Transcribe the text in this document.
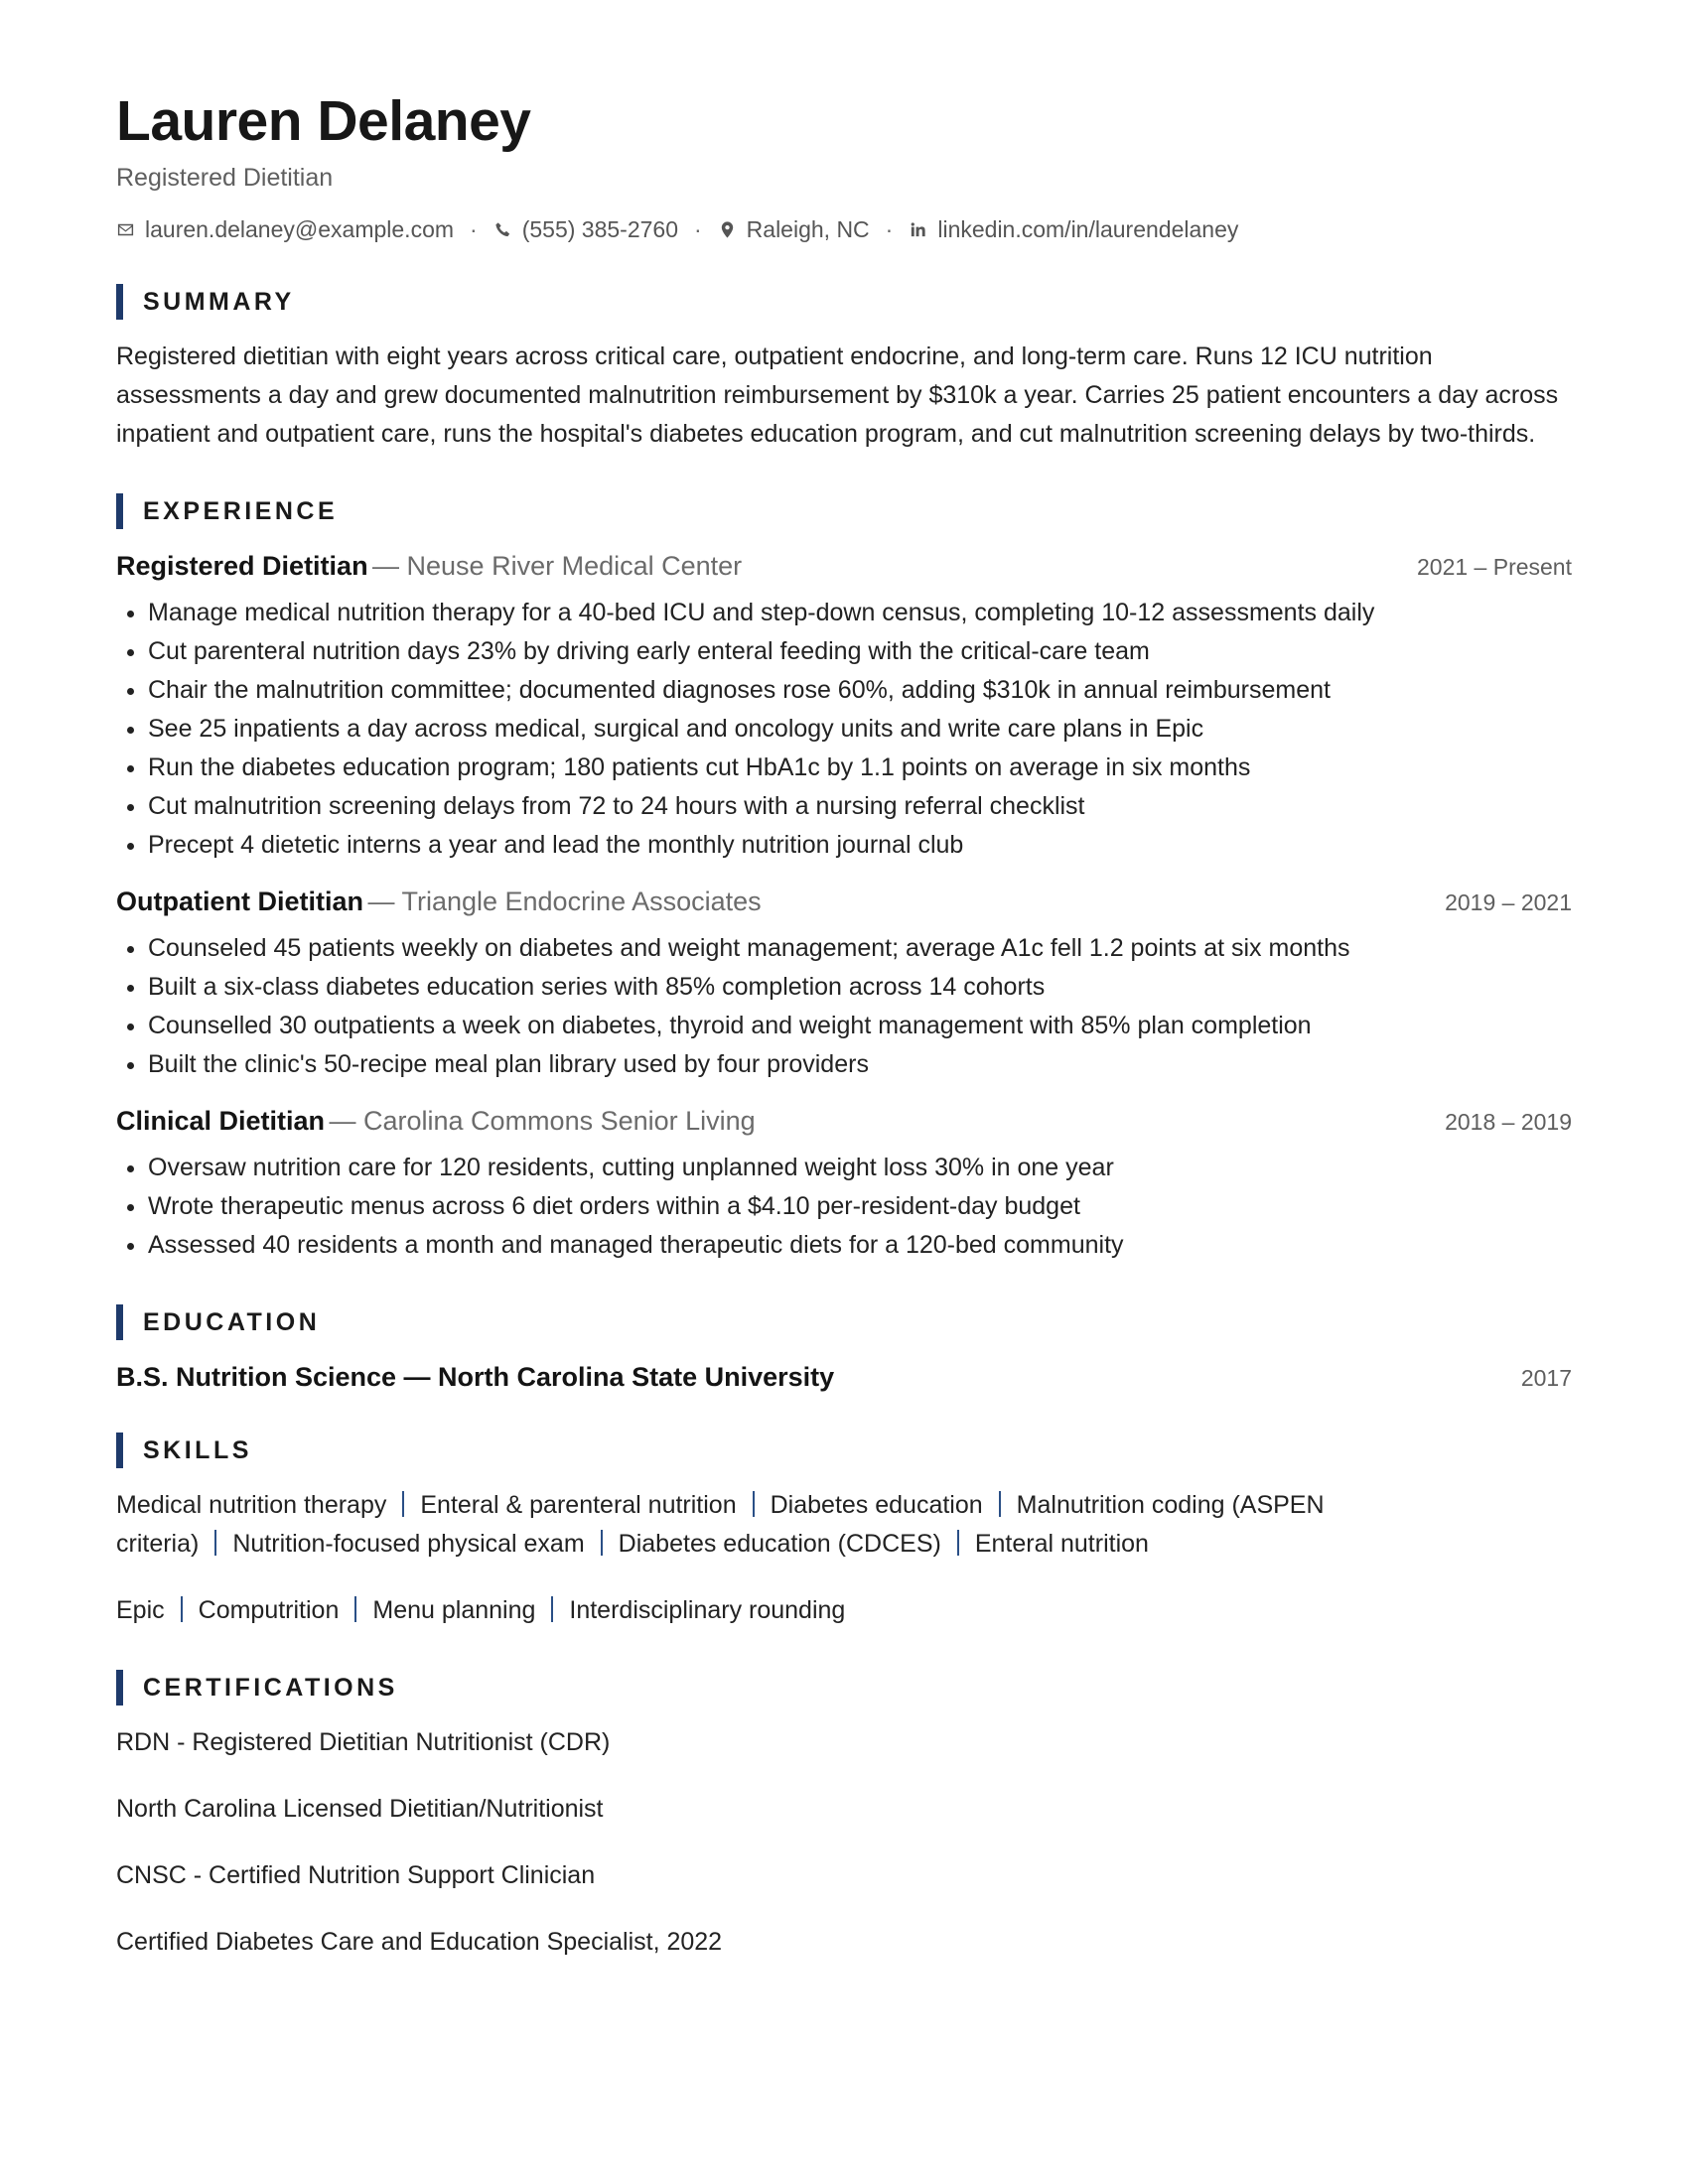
Lauren Delaney
Registered Dietitian
lauren.delaney@example.com · (555) 385-2760 · Raleigh, NC · linkedin.com/in/laurendelaney
SUMMARY
Registered dietitian with eight years across critical care, outpatient endocrine, and long-term care. Runs 12 ICU nutrition assessments a day and grew documented malnutrition reimbursement by $310k a year. Carries 25 patient encounters a day across inpatient and outpatient care, runs the hospital's diabetes education program, and cut malnutrition screening delays by two-thirds.
EXPERIENCE
Registered Dietitian — Neuse River Medical Center	2021 – Present
• Manage medical nutrition therapy for a 40-bed ICU and step-down census, completing 10-12 assessments daily
• Cut parenteral nutrition days 23% by driving early enteral feeding with the critical-care team
• Chair the malnutrition committee; documented diagnoses rose 60%, adding $310k in annual reimbursement
• See 25 inpatients a day across medical, surgical and oncology units and write care plans in Epic
• Run the diabetes education program; 180 patients cut HbA1c by 1.1 points on average in six months
• Cut malnutrition screening delays from 72 to 24 hours with a nursing referral checklist
• Precept 4 dietetic interns a year and lead the monthly nutrition journal club
Outpatient Dietitian — Triangle Endocrine Associates	2019 – 2021
• Counseled 45 patients weekly on diabetes and weight management; average A1c fell 1.2 points at six months
• Built a six-class diabetes education series with 85% completion across 14 cohorts
• Counselled 30 outpatients a week on diabetes, thyroid and weight management with 85% plan completion
• Built the clinic's 50-recipe meal plan library used by four providers
Clinical Dietitian — Carolina Commons Senior Living	2018 – 2019
• Oversaw nutrition care for 120 residents, cutting unplanned weight loss 30% in one year
• Wrote therapeutic menus across 6 diet orders within a $4.10 per-resident-day budget
• Assessed 40 residents a month and managed therapeutic diets for a 120-bed community
EDUCATION
B.S. Nutrition Science — North Carolina State University	2017
SKILLS
Medical nutrition therapy Enteral & parenteral nutrition Diabetes education Malnutrition coding (ASPEN criteria) Nutrition-focused physical exam Diabetes education (CDCES) Enteral nutrition
Epic Computrition Menu planning Interdisciplinary rounding
CERTIFICATIONS
RDN - Registered Dietitian Nutritionist (CDR)
North Carolina Licensed Dietitian/Nutritionist
CNSC - Certified Nutrition Support Clinician
Certified Diabetes Care and Education Specialist, 2022
